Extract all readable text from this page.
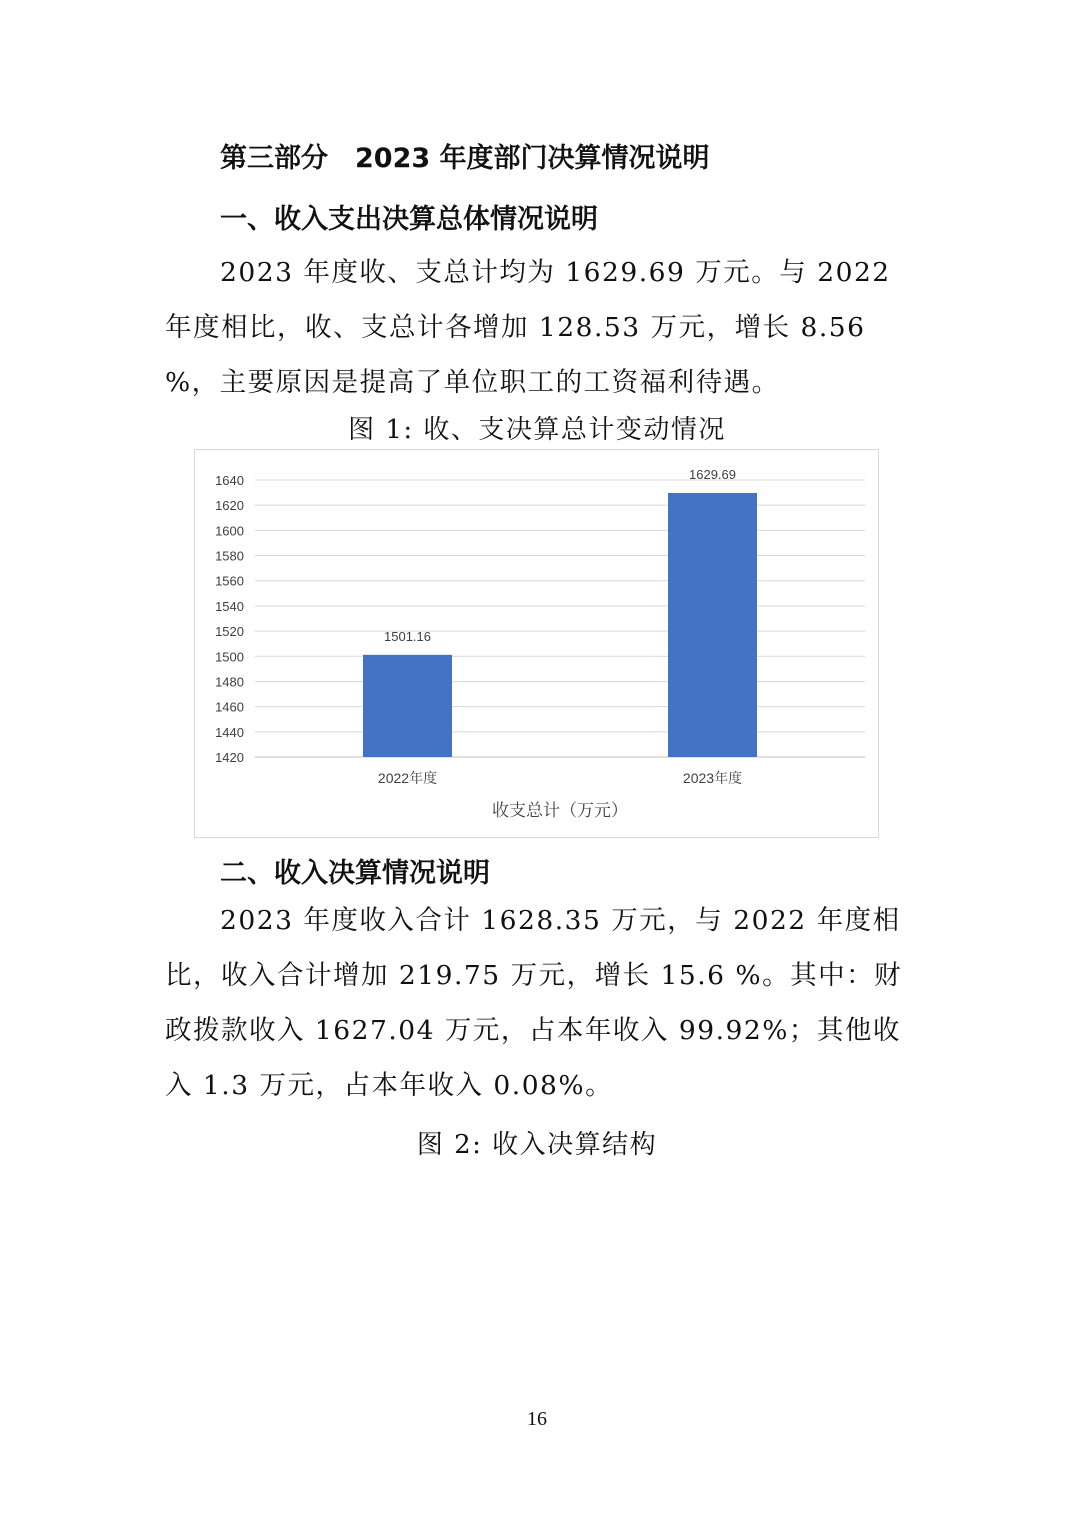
第三部分　2023 年度部门决算情况说明
一、收入支出决算总体情况说明

2023 年度收、支总计均为 1629.69 万元。与 2022 年度相比，收、支总计各增加 128.53 万元，增长 8.56 %，主要原因是提高了单位职工的工资福利待遇。

图 1: 收、支决算总计变动情况

1420
1440
1460
1480
1500
1520
1540
1560
1580
1600
1620
1640
1501.16
2022年度
1629.69
2023年度
收支总计（万元）
二、收入决算情况说明

2023 年度收入合计 1628.35 万元，与 2022 年度相比，收入合计增加 219.75 万元，增长 15.6 %。其中：财政拨款收入 1627.04 万元，占本年收入 99.92%；其他收入 1.3 万元，占本年收入 0.08%。

图 2: 收入决算结构

16
